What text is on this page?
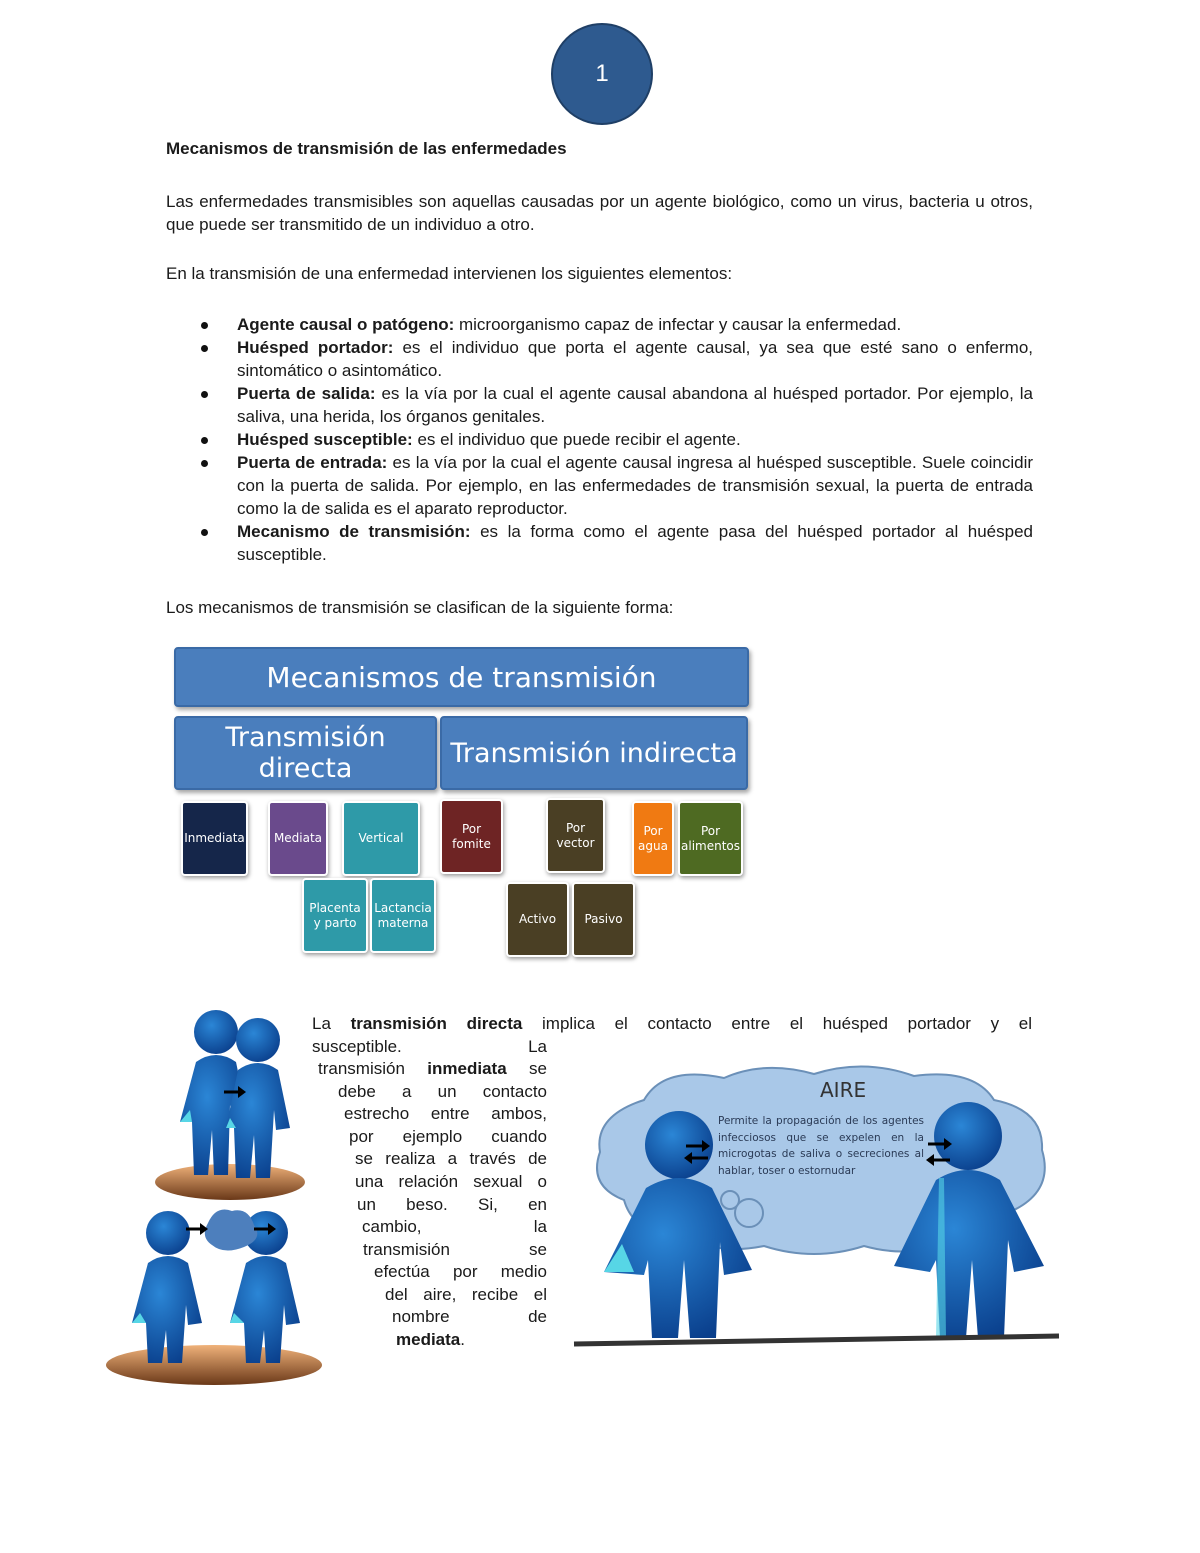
1
Mecanismos de transmisión de las enfermedades
Las enfermedades transmisibles son aquellas causadas por un agente biológico, como un virus, bacteria u otros, que puede ser transmitido de un individuo a otro.
En la transmisión de una enfermedad intervienen los siguientes elementos:
Agente causal o patógeno: microorganismo capaz de infectar y causar la enfermedad.
Huésped portador: es el individuo que porta el agente causal, ya sea que esté sano o enfermo, sintomático o asintomático.
Puerta de salida: es la vía por la cual el agente causal abandona al huésped portador. Por ejemplo, la saliva, una herida, los órganos genitales.
Huésped susceptible: es el individuo que puede recibir el agente.
Puerta de entrada: es la vía por la cual el agente causal ingresa al huésped susceptible. Suele coincidir con la puerta de salida. Por ejemplo, en las enfermedades de transmisión sexual, la puerta de entrada como la de salida es el aparato reproductor.
Mecanismo de transmisión: es la forma como el agente pasa del huésped portador al huésped susceptible.
Los mecanismos de transmisión se clasifican de la siguiente forma:
Mecanismos de transmisión
Transmisión directa	Transmisión indirecta
Inmediata	Mediata	Vertical
Placenta y parto
Lactancia materna
Por fomite
Por vector
Por agua
Por alimentos
Activo	Pasivo
La transmisión directa implica el contacto entre el huésped portador y el
susceptible.	La
transmisión inmediata se
debe a un contacto
estrecho entre ambos,
por ejemplo cuando
se realiza a través de
una relación sexual o
un beso. Si, en
cambio, la
transmisión se
efectúa por medio
del aire, recibe el
nombre de
mediata.
AIRE
Permite la propagación de los agentes infecciosos que se expelen en la microgotas de saliva o secreciones al hablar, toser o estornudar
